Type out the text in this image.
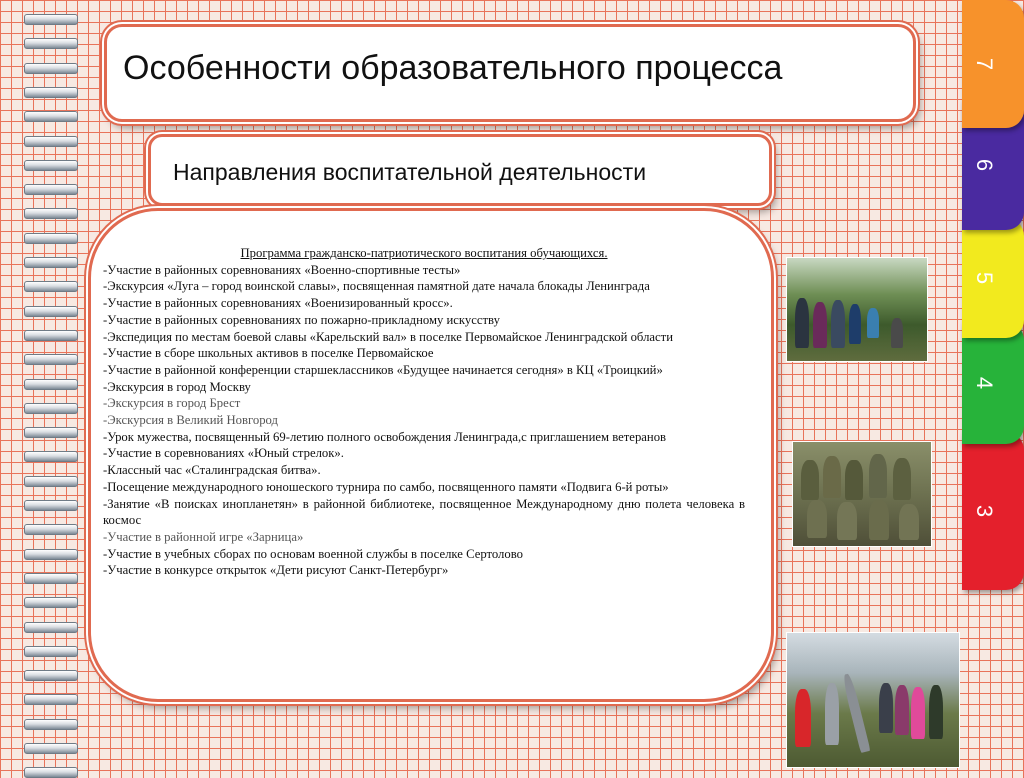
Особенности образовательного процесса
Направления воспитательной деятельности
Программа гражданско-патриотического воспитания обучающихся.
-Участие в районных соревнованиях «Военно-спортивные тесты»
-Экскурсия «Луга – город воинской славы», посвященная памятной дате начала блокады Ленинграда
-Участие в районных соревнованиях «Военизированный кросс».
-Участие в районных соревнованиях по пожарно-прикладному искусству
-Экспедиция по местам боевой славы «Карельский вал» в поселке Первомайское Ленинградской области
-Участие в сборе школьных активов в поселке Первомайское
-Участие в районной конференции старшеклассников «Будущее начинается сегодня» в КЦ «Троицкий»
-Экскурсия в город Москву
-Экскурсия в город Брест
-Экскурсия в Великий Новгород
-Урок мужества, посвященный 69-летию полного освобождения Ленинграда,с приглашением ветеранов
-Участие в соревнованиях «Юный стрелок».
-Классный час «Сталинградская битва».
-Посещение международного юношеского турнира по самбо, посвященного памяти «Подвига 6-й роты»
-Занятие «В поисках инопланетян» в районной библиотеке, посвященное Международному дню полета человека в космос
-Участие в районной игре «Зарница»
-Участие в учебных сборах по основам военной службы в поселке Сертолово
-Участие в конкурсе открыток «Дети рисуют Санкт-Петербург»
7
6
5
4
3
